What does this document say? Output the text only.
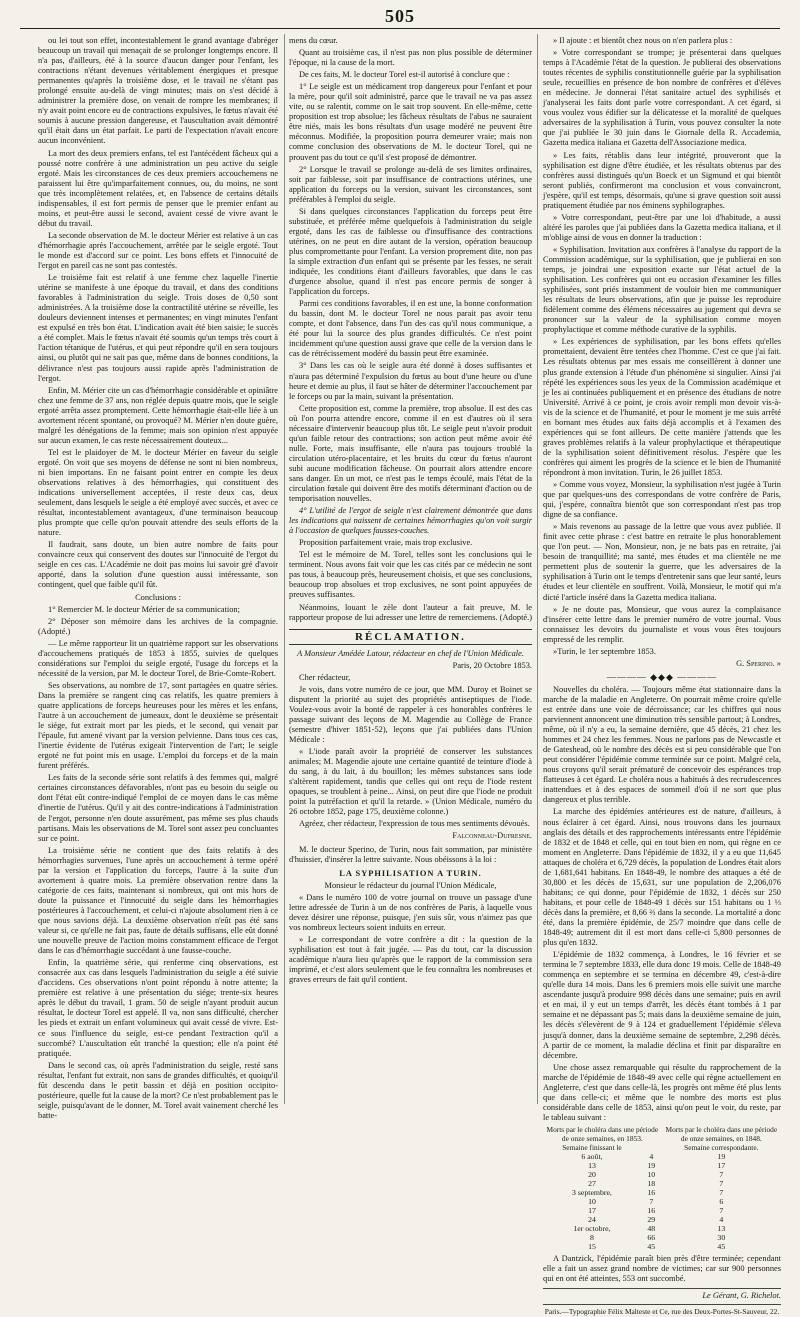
505

ou lei tout son effet, incontestablement le grand avantage d'abréger beaucoup un travail qui menaçait de se prolonger longtemps encore. Il n'a pas, d'ailleurs, été à la source d'aucun danger pour l'enfant, les contractions n'étant devenues véritablement énergiques et presque permanentes qu'après la troisième dose, et le travail ne s'étant pas prolongé ensuite au-delà de vingt minutes; mais on s'est décidé à administrer la première dose, on venait de rompre les membranes; il n'y avait point encore eu de contractions expulsives, le fœtus n'avait été soumis à aucune pression dangereuse, et l'auscultation avait démontré qu'il était dans un état parfait. Le parti de l'expectation n'avait encore aucun inconvénient.

La mort des deux premiers enfans, tel est l'antécédent fâcheux qui a poussé notre confrère à une administration un peu active du seigle ergoté. Mais les circonstances de ces deux premiers accouchemens ne paraissent lui être qu'imparfaitement connues, ou, du moins, ne sont que très incomplètement relatées, et, en l'absence de certains détails indispensables, il est fort permis de penser que le premier enfant au moins, et peut-être aussi le second, avaient cessé de vivre avant le début du travail.

La seconde observation de M. le docteur Mérier est relative à un cas d'hémorrhagie après l'accouchement, arrêtée par le seigle ergoté. Tout le monde est d'accord sur ce point. Les bons effets et l'innocuité de l'ergot en pareil cas ne sont pas contestés.

Le troisième fait est relatif à une femme chez laquelle l'inertie utérine se manifeste à une époque du travail, et dans des conditions favorables à l'administration du seigle. Trois doses de 0,50 sont administrées. A la troisième dose la contractilité utérine se réveille, les douleurs deviennent intenses et permanentes; en vingt minutes l'enfant est expulsé en très bon état. L'indication avait été bien saisie; le succès a été complet. Mais le fœtus n'avait été soumis qu'un temps très court à l'action tétanique de l'utérus, et qui peut répondre qu'il en sera toujours ainsi, ou plutôt qui ne sait pas que, même dans de bonnes conditions, la délivrance n'est pas toujours aussi rapide après l'administration de l'ergot.

Enfin, M. Mérier cite un cas d'hémorrhagie considérable et opiniâtre chez une femme de 37 ans, non réglée depuis quatre mois, que le seigle ergoté arrêta assez promptement. Cette hémorrhagie était-elle liée à un avortement récent spontané, ou provoqué? M. Mérier n'en doute guère, malgré les dénégations de la femme; mais son opinion n'est appuyée sur aucun examen, le cas reste nécessairement douteux...

Tel est le plaidoyer de M. le docteur Mérier en faveur du seigle ergoté. On voit que ses moyens de défense ne sont ni bien nombreux, ni bien importans. En ne faisant point entrer en compte les deux observations relatives à des hémorrhagies, qui constituent des indications universellement acceptées, il reste deux cas, deux seulement, dans lesquels le seigle a été employé avec succès, et avec ce résultat, incontestablement avantageux, d'une terminaison beaucoup plus prompte que celle qu'on pouvait attendre des seuls efforts de la nature.

Il faudrait, sans doute, un bien autre nombre de faits pour convaincre ceux qui conservent des doutes sur l'innocuité de l'ergot du seigle en ces cas. L'Académie ne doit pas moins lui savoir gré d'avoir apporté, dans la solution d'une question aussi intéressante, son contingent, quel que faible qu'il fût.

Conclusions :

1° Remercier M. le docteur Mérier de sa communication;

2° Déposer son mémoire dans les archives de la compagnie. (Adopté.)

— Le même rapporteur lit un quatrième rapport sur les observations d'accouchemens pratiqués de 1853 à 1855, suivies de quelques considérations sur l'emploi du seigle ergoté, l'usage du forceps et la nécessité de la version, par M. le docteur Torel, de Brie-Comte-Robert.

Ses observations, au nombre de 17, sont partagées en quatre séries. Dans la première se rangent cinq cas relatifs, les quatre premiers à quatre applications de forceps heureuses pour les mères et les enfans, l'autre à un accouchement de jumeaux, dont le deuxième se présentait le siége, fut extrait mort par les pieds, et le second, qui venait par l'épaule, fut amené vivant par la version pelvienne. Dans tous ces cas, l'inertie évidente de l'utérus exigeait l'intervention de l'art; le seigle ergoté ne fut point mis en usage. L'emploi du forceps et de la main furent préférés.

Les faits de la seconde série sont relatifs à des femmes qui, malgré certaines circonstances défavorables, n'ont pas eu besoin du seigle ou dont l'état eût contre-indiqué l'emploi de ce moyen dans le cas même d'inertie de l'utérus. Qu'il y ait des contre-indications à l'administration de l'ergot, personne n'en doute assurément, pas même ses plus chauds partisans. Mais les observations de M. Torel sont assez peu concluantes sur ce point.

La troisième série ne contient que des faits relatifs à des hémorrhagies survenues, l'une après un accouchement à terme opéré par la version et l'application du forceps, l'autre à la suite d'un avortement à quatre mois. La première observation rentre dans la catégorie de ces faits, maintenant si nombreux, qui ont mis hors de doute la puissance et l'innocuité du seigle dans les hémorrhagies postérieures à l'accouchement, et celui-ci n'ajoute absolument rien à ce que nous savions déjà. La deuxième observation n'eût pas été sans valeur si, ce qu'elle ne fait pas, faute de détails suffisans, elle eût donné une nouvelle preuve de l'action moins constamment efficace de l'ergot dans le cas d'hémorrhagie succédant à une fausse-couche.

Enfin, la quatrième série, qui renferme cinq observations, est consacrée aux cas dans lesquels l'administration du seigle a été suivie d'accidens. Ces observations n'ont point répondu à notre attente; la première est relative à une présentation du siége; trente-six heures après le début du travail, 1 gram. 50 de seigle n'ayant produit aucun résultat, le docteur Torel est appelé. Il va, non sans difficulté, chercher les pieds et extrait un enfant volumineux qui avait cessé de vivre. Est-ce sous l'influence du seigle, est-ce pendant l'extraction qu'il a succombé? L'auscultation eût tranché la question; elle n'a point été pratiquée.

Dans le second cas, où après l'administration du seigle, resté sans résultat, l'enfant fut extrait, non sans de grandes difficultés, et quoiqu'il fût descendu dans le petit bassin et déjà en position occipito-postérieure, quelle fut la cause de la mort? Ce n'est probablement pas le seigle, puisqu'avant de le donner, M. Torel avait vainement cherché les batte-

mens du cœur.

Quant au troisième cas, il n'est pas non plus possible de déterminer l'époque, ni la cause de la mort.

De ces faits, M. le docteur Torel est-il autorisé à conclure que :

1° Le seigle est un médicament trop dangereux pour l'enfant et pour la mère, pour qu'il soit administré, parce que le travail ne va pas assez vite, ou se ralentit, comme on le sait trop souvent. En elle-même, cette proposition est trop absolue; les fâcheux résultats de l'abus ne sauraient être niés, mais les bons résultats d'un usage modéré ne peuvent être méconnus. Modifiée, la proposition pourra demeurer vraie; mais non comme conclusion des observations de M. le docteur Torel, qui ne prouvent pas du tout ce qu'il s'est proposé de démontrer.

2° Lorsque le travail se prolonge au-delà de ses limites ordinaires, soit par faiblesse, soit par insuffisance de contractions utérines, une application du forceps ou la version, suivant les circonstances, sont préférables à l'emploi du seigle.

Si dans quelques circonstances l'application du forceps peut être substituée, et préférée même quelquefois à l'administration du seigle ergoté, dans les cas de faiblesse ou d'insuffisance des contractions utérines, on ne peut en dire autant de la version, opération beaucoup plus compromettante pour l'enfant. La version proprement dite, non pas la simple extraction d'un enfant qui se présente par les fesses, ne serait indiquée, les conditions étant d'ailleurs favorables, que dans le cas d'urgence absolue, quand il n'est pas encore permis de songer à l'application du forceps.

Parmi ces conditions favorables, il en est une, la bonne conformation du bassin, dont M. le docteur Torel ne nous parait pas avoir tenu compte, et dont l'absence, dans l'un des cas qu'il nous communique, a été pour lui la source des plus grandes difficultés. Ce n'est point incidemment qu'une question aussi grave que celle de la version dans le cas de rétrécissement modéré du bassin peut être examinée.

3° Dans les cas où le seigle aura été donné à doses suffisantes et n'aura pas déterminé l'expulsion du fœtus au bout d'une heure ou d'une heure et demie au plus, il faut se hâter de déterminer l'accouchement par le forceps ou par la main, suivant la présentation.

Cette proposition est, comme la première, trop absolue. Il est des cas où l'on pourra attendre encore, comme il en est d'autres où il sera nécessaire d'intervenir beaucoup plus tôt. Le seigle peut n'avoir produit qu'un faible retour des contractions; son action peut même avoir été nulle. Forte, mais insuffisante, elle n'aura pas toujours troublé la circulation utéro-placentaire, et les bruits du cœur du fœtus n'auront subi aucune modification fâcheuse. On pourrait alors attendre encore sans danger. En un mot, ce n'est pas le temps écoulé, mais l'état de la circulation fœtale qui doivent être des motifs déterminant d'action ou de temporisation nouvelles.

4° L'utilité de l'ergot de seigle n'est clairement démontrée que dans les indications qui naissent de certaines hémorrhagies qu'on voit surgir à l'occasion de quelques fausses-couches.

Proposition parfaitement vraie, mais trop exclusive.

Tel est le mémoire de M. Torel, telles sont les conclusions qui le terminent. Nous avons fait voir que les cas cités par ce médecin ne sont pas tous, à beaucoup près, heureusement choisis, et que ses conclusions, beaucoup trop absolues et trop exclusives, ne sont point appuyées de preuves suffisantes.

Néanmoins, louant le zèle dont l'auteur a fait preuve, M. le rapporteur propose de lui adresser une lettre de remerciemens. (Adopté.)

RÉCLAMATION.
A Monsieur Amédée Latour, rédacteur en chef de l'Union Médicale.
Paris, 20 Octobre 1853.

Cher rédacteur,

Je vois, dans votre numéro de ce jour, que MM. Duroy et Boinet se disputent la priorité au sujet des propriétés antiseptiques de l'iode. Voulez-vous avoir la bonté de rappeler à ces honorables confrères le passage suivant des leçons de M. Magendie au Collège de France (semestre d'hiver 1851-52), leçons que j'ai publiées dans l'Union Médicale :

« L'iode paraît avoir la propriété de conserver les substances animales; M. Magendie ajoute une certaine quantité de teinture d'iode à du sang, à du lait, à du bouillon; les mêmes substances sans iode s'altèrent rapidement, tandis que celles qui ont reçu de l'iode restent opaques, se troublent à peine... Ainsi, on peut dire que l'iode ne produit point la putréfaction et qu'il la retarde. » (Union Médicale, numéro du 26 octobre 1852, page 175, deuxième colonne.)

Agréez, cher rédacteur, l'expression de tous mes sentiments dévoués.

Falconneau-Dufresne.

M. le docteur Sperino, de Turin, nous fait sommation, par ministère d'huissier, d'insérer la lettre suivante. Nous obéissons à la loi :

LA SYPHILISATION A TURIN.

Monsieur le rédacteur du journal l'Union Médicale,

« Dans le numéro 100 de votre journal on trouve un passage d'une lettre adressée de Turin à un de nos confrères de Paris, à laquelle vous devez désirer une réponse, puisque, j'en suis sûr, vous n'aimez pas que vos nombreux lecteurs soient induits en erreur.

» Le correspondant de votre confrère a dit : la question de la syphilisation est tout à fait jugée. — Pas du tout, car la discussion académique n'aura lieu qu'après que le rapport de la commission sera imprimé, et c'est alors seulement que le feu connaîtra les nombreuses et graves erreurs de fait qu'il contient.

» Il ajoute : et bientôt chez nous on n'en parlera plus :

» Votre correspondant se trompe; je présenterai dans quelques temps à l'Académie l'état de la question. Je publierai des observations toutes récentes de syphilis constitutionnelle guérie par la syphilisation seule, recueillies en présence de bon nombre de confrères et d'élèves en médecine. Je donnerai l'état sanitaire actuel des syphilisés et j'analyserai les faits dont parle votre correspondant. A cet égard, si vous voulez vous édifier sur la délicatesse et la moralité de quelques adversaires de la syphilisation à Turin, vous pouvez consulter la note que j'ai publiée le 30 juin dans le Giornale della R. Accademia, Gazetta medica italiana et Gazetta dell'Associazione medica.

» Les faits, rétablis dans leur intégrité, prouveront que la syphilisation est digne d'être étudiée, et les résultats obtenus par des confrères aussi distingués qu'un Boeck et un Sigmund et qui bientôt seront publiés, confirmeront ma conclusion et vous convaincront, j'espère, qu'il est temps, désormais, qu'une si grave question soit aussi pratiquement étudiée par nos éminens syphilographes.

» Votre correspondant, peut-être par une loi d'habitude, a aussi altéré les paroles que j'ai publiées dans la Gazetta medica italiana, et il m'oblige ainsi de vous en donner la traduction :

« Syphilisation. Invitation aux confrères à l'analyse du rapport de la Commission académique, sur la syphilisation, que je publierai en son temps, je joindrai une exposition exacte sur l'état actuel de la syphilisation. Les confrères qui ont eu occasion d'examiner les filles syphilisées, sont priés instamment de vouloir bien me communiquer les résultats de leurs observations, afin que je puisse les reproduire fidèlement comme des élémens nécessaires au jugement qui devra se prononcer sur la valeur de la syphilisation comme moyen prophylactique et comme méthode curative de la syphilis.

» Les expériences de syphilisation, par les bons effets qu'elles promettaient, devaient être tentées chez l'homme. C'est ce que j'ai fait. Les résultats obtenus par mes essais me conseillèrent à donner une plus grande extension à l'étude d'un phénomène si singulier. Ainsi j'ai répété les expériences sous les yeux de la Commission académique et je les ai continuées publiquement et en présence des étudians de notre Université. Arrivé à ce point, je crois avoir rempli mon devoir vis-à-vis de la science et de l'humanité, et pour le moment je me suis arrêté en bornant mes études aux faits déjà accomplis et à l'examen des expériences qui se font ailleurs. De cette manière j'attends que les graves problèmes relatifs à la valeur prophylactique et thérapeutique de la syphilisation soient définitivement résolus. J'espère que les confrères qui aiment les progrès de la science et le bien de l'humanité répondront à mon invitation. Turin, le 26 juillet 1853.

» Comme vous voyez, Monsieur, la syphilisation n'est jugée à Turin que par quelques-uns des correspondans de votre confrère de Paris, qui, j'espère, connaîtra bientôt que son correspondant n'est pas trop digne de sa confiance.

» Mais revenons au passage de la lettre que vous avez publiée. Il finit avec cette phrase : c'est battre en retraite le plus honorablement que l'on peut. — Non, Monsieur, non, je ne bats pas en retraite, j'ai besoin de tranquillité; ma santé, mes études et ma clientèle ne me permettent plus de soutenir la guerre, que les adversaires de la syphilisation à Turin ont le temps d'entretenir sans que leur santé, leurs études et leur clientèle en souffrent. Voilà, Monsieur, le motif qui m'a dicté l'article inséré dans la Gazetta medica italiana.

» Je ne doute pas, Monsieur, que vous aurez la complaisance d'insérer cette lettre dans le premier numéro de votre journal. Vous connaissez les devoirs du journaliste et vous vous êtes toujours empressé de les remplir.

»Turin, le 1er septembre 1853.

G. Sperino. »
———— ◆◆◆ ————

Nouvelles du choléra. — Toujours même état stationnaire dans la marche de la maladie en Angleterre. On pourrait même croire qu'elle est entrée dans une voie de décroissance; car les chiffres qui nous parviennent annoncent une diminution très sensible partout; à Londres, même, où il n'y a eu, la semaine dernière, que 45 décès, 21 chez les hommes et 24 chez les femmes. Nous ne parlons pas de Newcastle et de Gateshead, où le nombre des décès est si peu considérable que l'on peut considérer l'épidémie comme terminée sur ce point. Malgré cela, nous croyons qu'il serait prématuré de concevoir des espérances trop flatteuses à cet égard. Le choléra nous a habitués à des recrudescences inattendues et à des espaces de sommeil d'où il ne sort que plus dangereux et plus terrible.

La marche des épidémies antérieures est de nature, d'ailleurs, à nous éclairer à cet égard. Ainsi, nous trouvons dans les journaux anglais des détails et des rapprochements intéressants entre l'épidémie de 1832 et de 1848 et celle, qui en tout bien en nom, qui règne en ce moment en Angleterre. Dans l'épidémie de 1832, il y a eu que 11,645 attaques de choléra et 6,729 décès, la population de Londres était alors de 1,681,641 habitans. En 1848-49, le nombre des attaques a été de 30,800 et les décès de 15,631, sur une population de 2,206,076 habitans; ce qui donne, pour l'épidémie de 1832, 1 décès sur 250 habitans, et pour celle de 1848-49 1 décès sur 151 habitans ou 1 ⅓ décès dans la première, et 8,66 ⅔ dans la seconde. La mortalité a donc été, dans la première épidémie, de 25/7 moindre que dans celle de 1848-49; autrement dit il est mort dans celle-ci 5,800 personnes de plus qu'en 1832.

L'épidémie de 1832 commença, à Londres, le 16 février et se termina le 7 septembre 1833, elle dura donc 19 mois. Celle de 1848-49 commença en septembre et se termina en décembre 49, c'est-à-dire qu'elle dura 14 mois. Dans les 6 premiers mois elle suivit une marche ascendante jusqu'à produire 998 décès dans une semaine; puis en avril et en mai, il y eut un temps d'arrêt, les décès étant tombés à 1 par semaine et ne dépassant pas 5; mais dans la deuxième semaine de juin, les décès s'élevèrent de 9 à 124 et graduellement l'épidémie s'éleva jusqu'à donner, dans la deuxième semaine de septembre, 2,298 décès. A partir de ce moment, la maladie déclina et finit par disparaître en décembre.

Une chose assez remarquable qui résulte du rapprochement de la marche de l'épidémie de 1848-49 avec celle qui règne actuellement en Angleterre, c'est que dans celle-là, les progrès ont même été plus lents que dans celle-ci; et même que le nombre des morts est plus considérable dans celle de 1853, ainsi qu'on peut le voir, du reste, par le tableau suivant :

Morts par le choléra dans une période de onze semaines, en 1853.		Morts par le choléra dans une période de onze semaines, en 1848.
Semaine finissant le		Semaine correspondante.
6 août,	4	19
13	19	17
20	10	7
27	18	7
3 septembre,	16	7
10	7	6
17	16	7
24	29	4
1er octobre,	48	13
8	66	30
15	45	45

A Dantzick, l'épidémie paraît bien près d'être terminée; cependant elle a fait un assez grand nombre de victimes; car sur 900 personnes qui en ont été atteintes, 553 ont succombé.

Le Gérant, G. Richelot.
Paris.—Typographie Félix Malteste et Ce, rue des Deux-Portes-St-Sauveur, 22.
